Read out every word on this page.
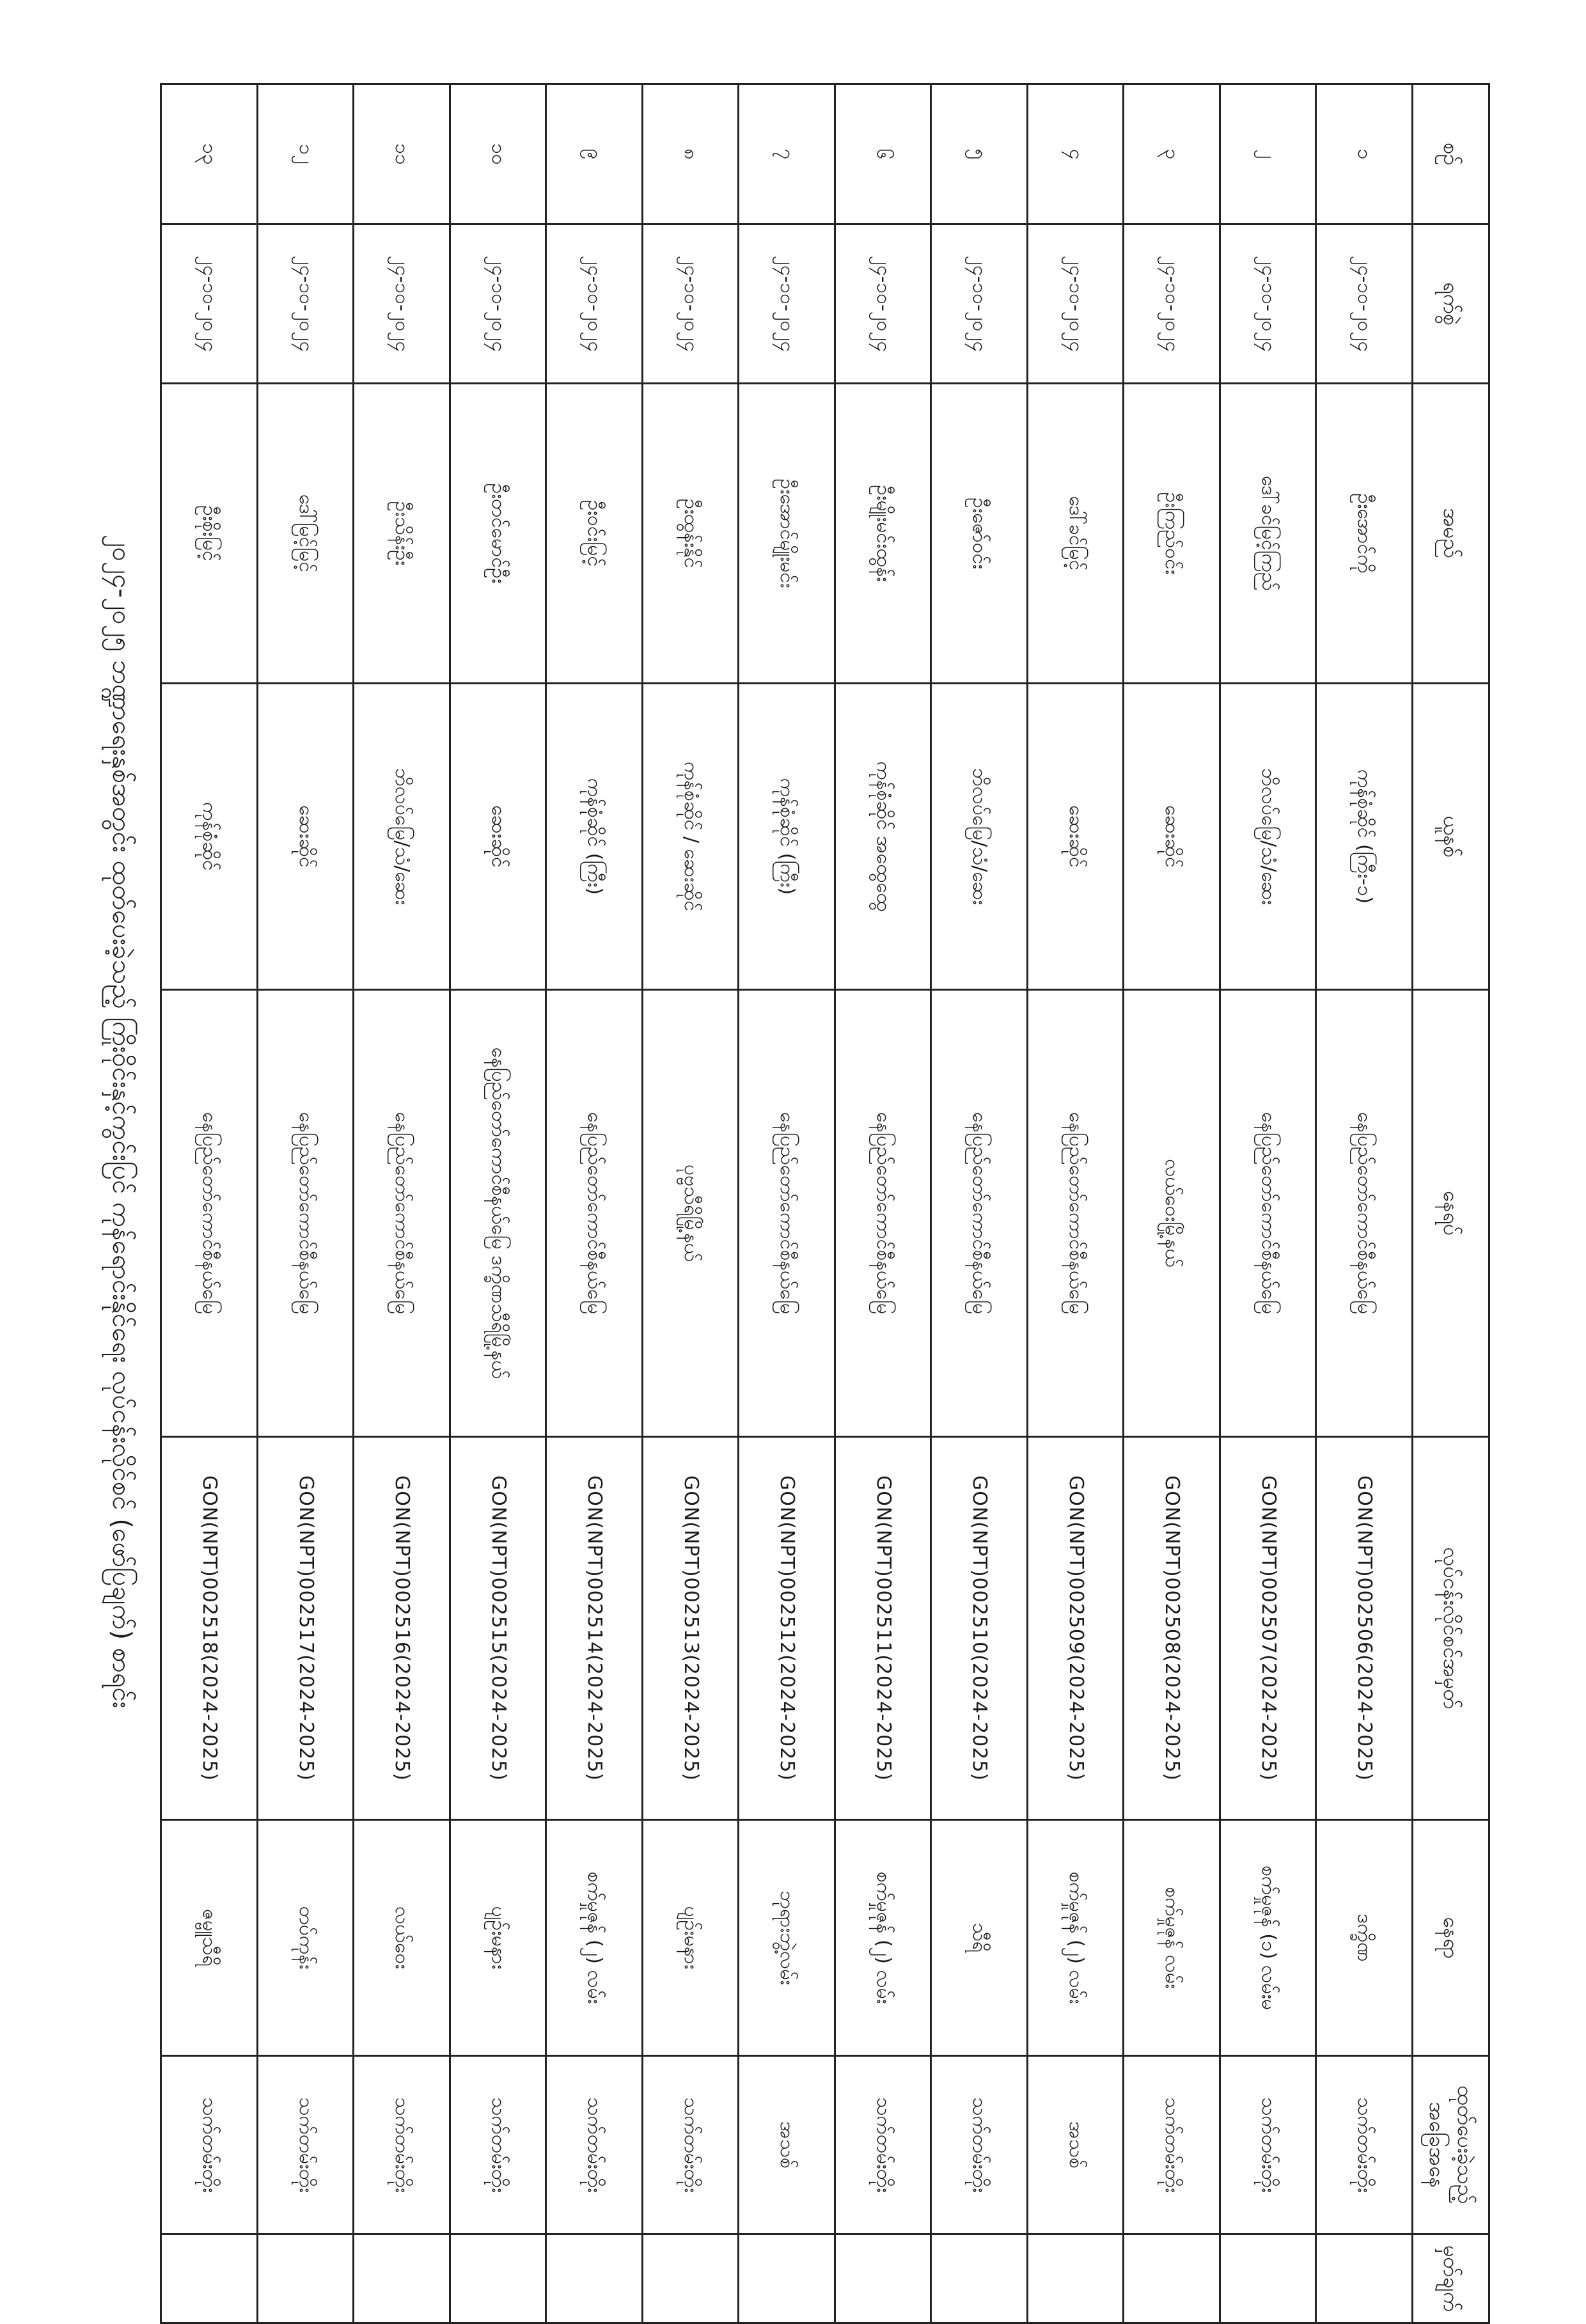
စဉ်	ရက်စွဲ	အမည်	ယူနစ်	နေရပ်	လုပ်ငန်းလိုင်စင်အမှတ်	နေရာ	ထုတ်ပေးခဲ့သည့် အခြေအနေ	မှတ်ချက်
၁	၂၄-၁၀-၂၀၂၄	ဦးအောင်ကို	ကုန်စုံဆိုင် (ကြီး-၁)	နေပြည်တော်ကောင်စီနယ်မြေ	GON(NPT)002506(2024-2025)	ဒက္ခိဏ	သက်တမ်းတိုး	
၂	၂၄-၁၀-၂၀၂၄	ဒေါ်ခင်မြင့်ကြည်	ဘိလပ်မြေ/သံ/ဆေး	နေပြည်တော်ကောင်စီနယ်မြေ	GON(NPT)002507(2024-2025)	စက်မှုဇုန် (၁) လမ်းမ	သက်တမ်းတိုး	
၃	၂၄-၁၀-၂၀၂၄	ဦးကြည်ဝင်း	ဆေးဆိုင်	လယ်ဝေးမြို့နယ်	GON(NPT)002508(2024-2025)	စက်မှုဇုန် လမ်း	သက်တမ်းတိုး	
၄	၂၄-၁၀-၂၀၂၄	ဒေါ်ခင်မြင့်	ဆေးဆိုင်	နေပြည်တော်ကောင်စီနယ်မြေ	GON(NPT)002509(2024-2025)	စက်မှုဇုန် (၂) လမ်း	အသစ်	
၅	၂၄-၁၀-၂၀၂၄	ဦးဇော်ဝင်း	ဘိလပ်မြေ/သံ/ဆေး	နေပြည်တော်ကောင်စီနယ်မြေ	GON(NPT)002510(2024-2025)	သီရိ	သက်တမ်းတိုး	
၆	၂၄-၁၀-၂၀၂၄	ဦးမျိုးမင်းထွန်း	ကုန်စုံဆိုင် အထွေထွေ	နေပြည်တော်ကောင်စီနယ်မြေ	GON(NPT)002511(2024-2025)	စက်မှုဇုန် (၂) လမ်း	သက်တမ်းတိုး	
၇	၂၄-၁၀-၂၀၂၄	ဦးအောင်မျိုးမင်း	ကုန်စုံဆိုင် (ကြီး)	နေပြည်တော်ကောင်စီနယ်မြေ	GON(NPT)002512(2024-2025)	ဘုရားဘွဲ့လမ်း	အသစ်	
၈	၂၄-၁၀-၂၀၂၄	ဦးထွန်းနိုင်	ကုန်စုံဆိုင် / ဆေးဆိုင်	ပုဗ္ဗသီရိမြို့နယ်	GON(NPT)002513(2024-2025)	ပျဉ်းမနား	သက်တမ်းတိုး	
၉	၂၄-၁၀-၂၀၂၄	ဦးဝင်းမြင့်	ကုန်စုံဆိုင် (ကြီး)	နေပြည်တော်ကောင်စီနယ်မြေ	GON(NPT)002514(2024-2025)	စက်မှုဇုန် (၂) လမ်း	သက်တမ်းတိုး	
၁၀	၂၄-၁၀-၂၀၂၄	ဦးတင်မောင်ဦး	ဆေးဆိုင်	နေပြည်တော်ကောင်စီနယ်မြေ ဒက္ခိဏသီရိမြို့နယ်	GON(NPT)002515(2024-2025)	ပျဉ်းမနား	သက်တမ်းတိုး	
၁၁	၂၄-၁၀-၂၀၂၄	ဦးသိန်းဦး	ဘိလပ်မြေ/သံ/ဆေး	နေပြည်တော်ကောင်စီနယ်မြေ	GON(NPT)002516(2024-2025)	လယ်ဝေး	သက်တမ်းတိုး	
၁၂	၂၄-၁၀-၂၀၂၄	ဒေါ်မြင့်မြင့်	ဆေးဆိုင်	နေပြည်တော်ကောင်စီနယ်မြေ	GON(NPT)002517(2024-2025)	တပ်ကုန်း	သက်တမ်းတိုး	
၁၃	၂၄-၁၀-၂၀၂၄	ဦးစိုးမြင့်	ကုန်စုံဆိုင်	နေပြည်တော်ကောင်စီနယ်မြေ	GON(NPT)002518(2024-2025)	ဇမ္ဗူသီရိ	သက်တမ်းတိုး	
၂၀၂၄-၂၀၂၅ ဘဏ္ဍာရေးနှစ်အတွင်း ထုတ်ပေးခဲ့သည့် ကြိုးဝိုင်းနှင့်ကွင်းပြင် ကုန်ရောင်းနိုင်ရေး လုပ်ငန်းလိုင်စင် (ဖော်ပြချက်) စာရင်း
